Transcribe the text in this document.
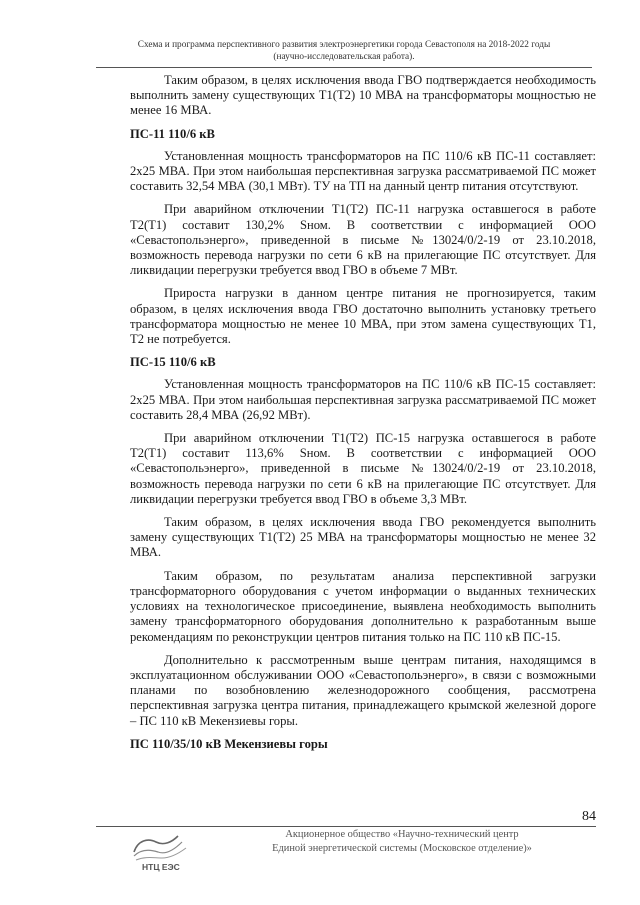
Схема и программа перспективного развития электроэнергетики города Севастополя на 2018-2022 годы
(научно-исследовательская работа).

Таким образом, в целях исключения ввода ГВО подтверждается необходимость выполнить замену существующих Т1(Т2) 10 МВА на трансформаторы мощностью не менее 16 МВА.

ПС-11 110/6 кВ

Установленная мощность трансформаторов на ПС 110/6 кВ ПС-11 составляет: 2х25 МВА. При этом наибольшая перспективная загрузка рассматриваемой ПС может составить 32,54 МВА (30,1 МВт). ТУ на ТП на данный центр питания отсутствуют.

При аварийном отключении Т1(Т2) ПС-11 нагрузка оставшегося в работе Т2(Т1) составит 130,2% Sном. В соответствии с информацией ООО «Севастопольэнерго», приведенной в письме №13024/0/2-19 от 23.10.2018, возможность перевода нагрузки по сети 6 кВ на прилегающие ПС отсутствует. Для ликвидации перегрузки требуется ввод ГВО в объеме 7 МВт.

Прироста нагрузки в данном центре питания не прогнозируется, таким образом, в целях исключения ввода ГВО достаточно выполнить установку третьего трансформатора мощностью не менее 10 МВА, при этом замена существующих Т1, Т2 не потребуется.

ПС-15 110/6 кВ

Установленная мощность трансформаторов на ПС 110/6 кВ ПС-15 составляет: 2х25 МВА. При этом наибольшая перспективная загрузка рассматриваемой ПС может составить 28,4 МВА (26,92 МВт).

При аварийном отключении Т1(Т2) ПС-15 нагрузка оставшегося в работе Т2(Т1) составит 113,6% Sном. В соответствии с информацией ООО «Севастопольэнерго», приведенной в письме №13024/0/2-19 от 23.10.2018, возможность перевода нагрузки по сети 6 кВ на прилегающие ПС отсутствует. Для ликвидации перегрузки требуется ввод ГВО в объеме 3,3 МВт.

Таким образом, в целях исключения ввода ГВО рекомендуется выполнить замену существующих Т1(Т2) 25 МВА на трансформаторы мощностью не менее 32 МВА.

Таким образом, по результатам анализа перспективной загрузки трансформаторного оборудования с учетом информации о выданных технических условиях на технологическое присоединение, выявлена необходимость выполнить замену трансформаторного оборудования дополнительно к разработанным выше рекомендациям по реконструкции центров питания только на ПС 110 кВ ПС-15.

Дополнительно к рассмотренным выше центрам питания, находящимся в эксплуатационном обслуживании ООО «Севастопольэнерго», в связи с возможными планами по возобновлению железнодорожного сообщения, рассмотрена перспективная загрузка центра питания, принадлежащего крымской железной дороге – ПС 110 кВ Мекензиевы горы.

ПС 110/35/10 кВ Мекензиевы горы

84
НТЦ ЕЭС
Акционерное общество «Научно-технический центр
Единой энергетической системы (Московское отделение)»
